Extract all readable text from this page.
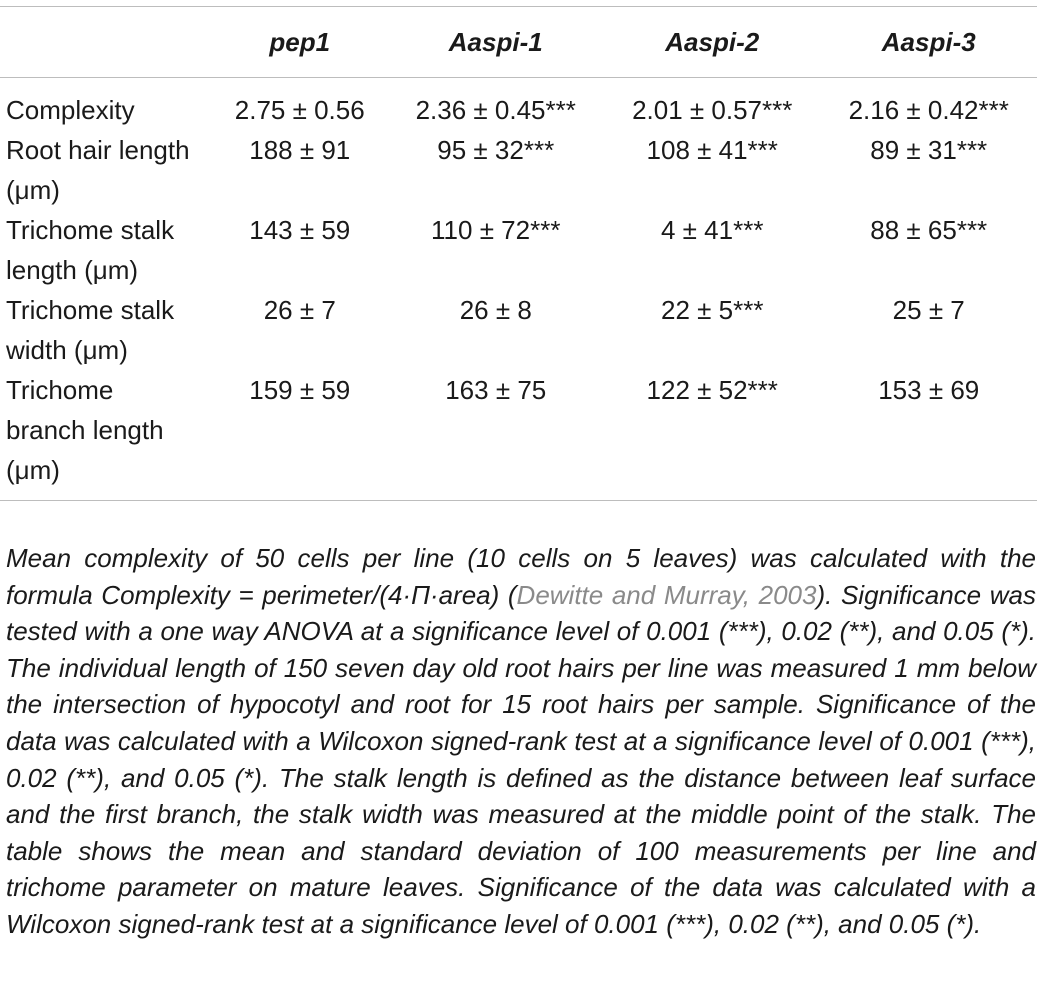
	pep1	Aaspi-1	Aaspi-2	Aaspi-3
Complexity	2.75 ± 0.56	2.36 ± 0.45***	2.01 ± 0.57***	2.16 ± 0.42***
Root hair length
(μm)	188 ± 91	95 ± 32***	108 ± 41***	89 ± 31***
Trichome stalk
length (μm)	143 ± 59	110 ± 72***	4 ± 41***	88 ± 65***
Trichome stalk
width (μm)	26 ± 7	26 ± 8	22 ± 5***	25 ± 7
Trichome
branch length
(μm)	159 ± 59	163 ± 75	122 ± 52***	153 ± 69

Mean complexity of 50 cells per line (10 cells on 5 leaves) was calculated with the formula Complexity = perimeter/(4·Π·area) (Dewitte and Murray, 2003). Significance was tested with a one way ANOVA at a significance level of 0.001 (***), 0.02 (**), and 0.05 (*). The individual length of 150 seven day old root hairs per line was measured 1 mm below the intersection of hypocotyl and root for 15 root hairs per sample. Significance of the data was calculated with a Wilcoxon signed-rank test at a significance level of 0.001 (***), 0.02 (**), and 0.05 (*). The stalk length is defined as the distance between leaf surface and the first branch, the stalk width was measured at the middle point of the stalk. The table shows the mean and standard deviation of 100 measurements per line and trichome parameter on mature leaves. Significance of the data was calculated with a Wilcoxon signed-rank test at a significance level of 0.001 (***), 0.02 (**), and 0.05 (*).
